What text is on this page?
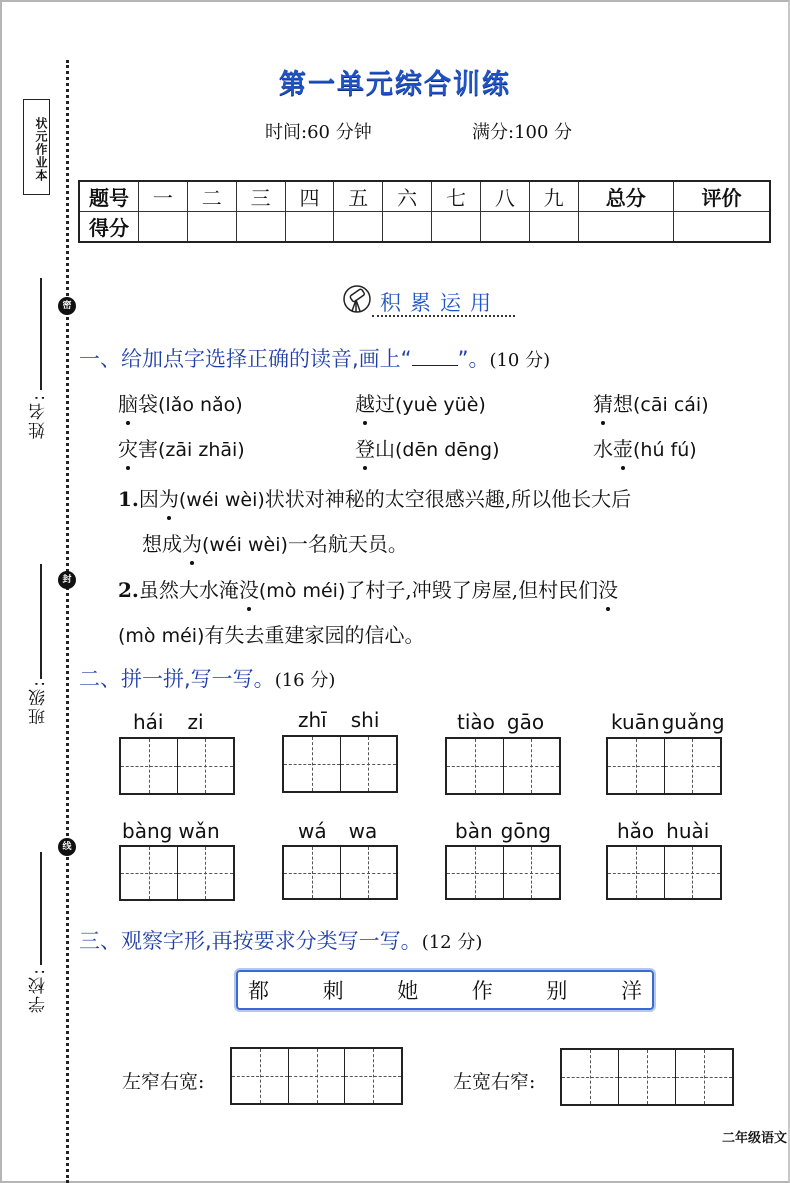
状元作业本
密
封
线
姓名:
班级:
学校:
第一单元综合训练
时间:60 分钟	满分:100 分
题号	一	二	三	四	五	六	七	八	九	总分	评价
得分											
积累运用
一、给加点字选择正确的读音,画上“ ”。(10 分)
脑袋(lǎo nǎo)	越过(yuè yüè)	猜想(cāi cái)
灾害(zāi zhāi)	登山(dēn dēng)	水壶(hú fú)
1.因为(wéi wèi)状状对神秘的太空很感兴趣,所以他长大后
想成为(wéi wèi)一名航天员。
2.虽然大水淹没(mò méi)了村子,冲毁了房屋,但村民们没
(mò méi)有失去重建家园的信心。
二、拼一拼,写一写。(16 分)
hái zi	zhī shi	tiào gāo	kuān guǎng
bàng wǎn	wá wa	bàn gōng	hǎo huài
三、观察字形,再按要求分类写一写。(12 分)
都	刺	她	作	别	洋
左窄右宽:	左宽右窄:
二年级语文
